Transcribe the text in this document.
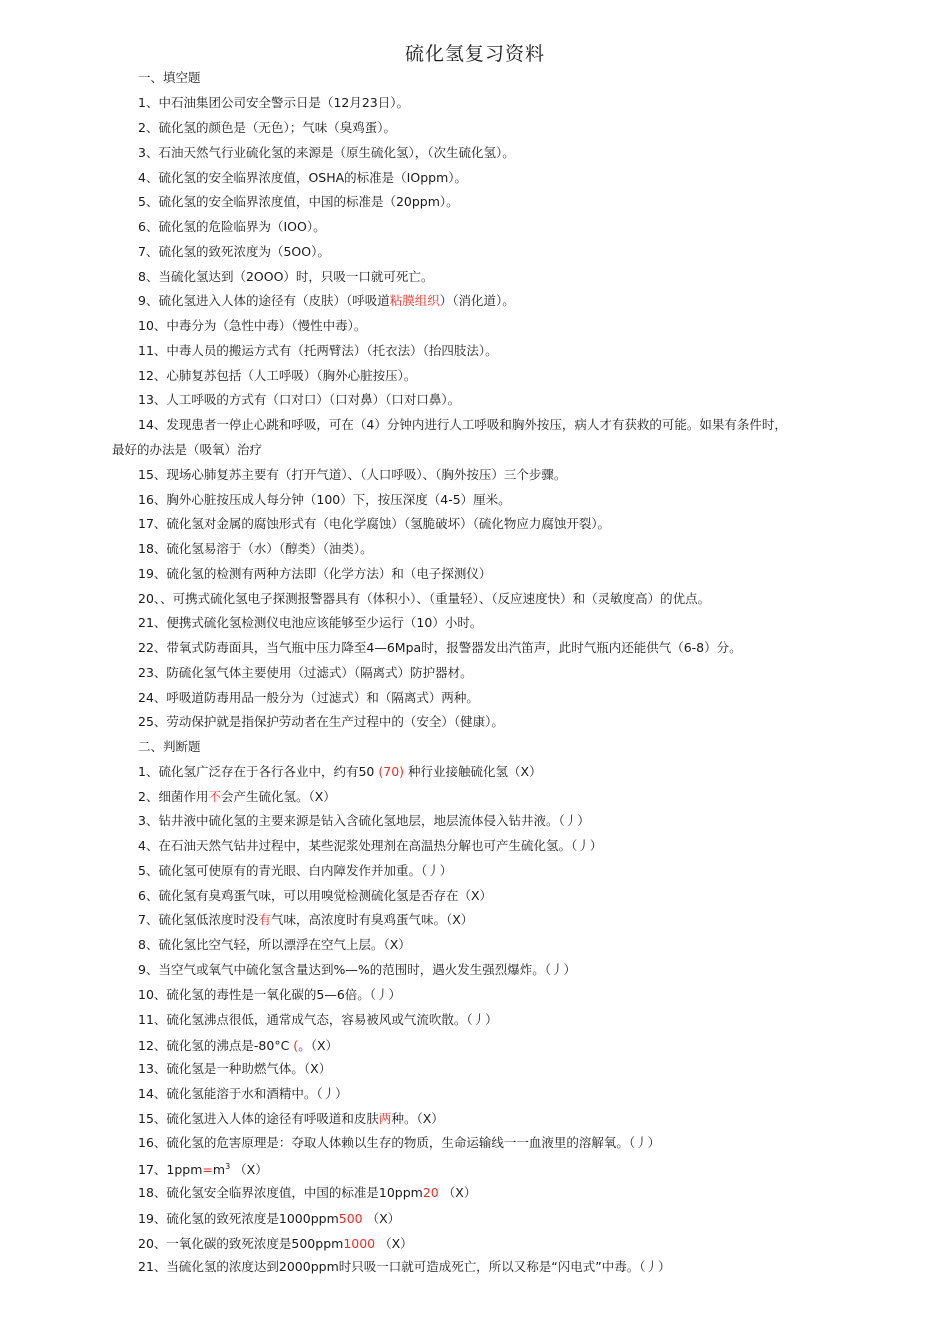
硫化氢复习资料
一、填空题
1、中石油集团公司安全警示日是（12月23日）。
2、硫化氢的颜色是（无色）；气味（臭鸡蛋）。
3、石油天然气行业硫化氢的来源是（原生硫化氢），（次生硫化氢）。
4、硫化氢的安全临界浓度值，OSHA的标准是（IOppm）。
5、硫化氢的安全临界浓度值，中国的标准是（20ppm）。
6、硫化氢的危险临界为（IOO）。
7、硫化氢的致死浓度为（5OO）。
8、当硫化氢达到（2OOO）时，只吸一口就可死亡。
9、硫化氢进入人体的途径有（皮肤）（呼吸道粘膜组织）（消化道）。
10、中毒分为（急性中毒）（慢性中毒）。
11、中毒人员的搬运方式有（托两臂法）（托衣法）（抬四肢法）。
12、心肺复苏包括（人工呼吸）（胸外心脏按压）。
13、人工呼吸的方式有（口对口）（口对鼻）（口对口鼻）。
14、发现患者一停止心跳和呼吸，可在（4）分钟内进行人工呼吸和胸外按压，病人才有获救的可能。如果有条件时，
最好的办法是（吸氧）治疗
15、现场心肺复苏主要有（打开气道）、（人口呼吸）、（胸外按压）三个步骤。
16、胸外心脏按压成人每分钟（100）下，按压深度（4-5）厘米。
17、硫化氢对金属的腐蚀形式有（电化学腐蚀）（氢脆破坏）（硫化物应力腐蚀开裂）。
18、硫化氢易溶于（水）（醇类）（油类）。
19、硫化氢的检测有两种方法即（化学方法）和（电子探测仪）
20、、可携式硫化氢电子探测报警器具有（体积小）、（重量轻）、（反应速度快）和（灵敏度高）的优点。
21、便携式硫化氢检测仪电池应该能够至少运行（10）小时。
22、带氧式防毒面具，当气瓶中压力降至4—6Mpa时，报警器发出汽笛声，此时气瓶内还能供气（6-8）分。
23、防硫化氢气体主要使用（过滤式）（隔离式）防护器材。
24、呼吸道防毒用品一般分为（过滤式）和（隔离式）两种。
25、劳动保护就是指保护劳动者在生产过程中的（安全）（健康）。
二、判断题
1、硫化氢广泛存在于各行各业中，约有50 (70) 种行业接触硫化氢（X）
2、细菌作用不会产生硫化氢。（X）
3、钻井液中硫化氢的主要来源是钻入含硫化氢地层，地层流体侵入钻井液。（丿）
4、在石油天然气钻井过程中，某些泥浆处理剂在高温热分解也可产生硫化氢。（丿）
5、硫化氢可使原有的青光眼、白内障发作并加重。（丿）
6、硫化氢有臭鸡蛋气味，可以用嗅觉检测硫化氢是否存在（X）
7、硫化氢低浓度时没有气味，高浓度时有臭鸡蛋气味。（X）
8、硫化氢比空气轻，所以漂浮在空气上层。（X）
9、当空气或氧气中硫化氢含量达到%—%的范围时，遇火发生强烈爆炸。（丿）
10、硫化氢的毒性是一氧化碳的5—6倍。（丿）
11、硫化氢沸点很低，通常成气态，容易被风或气流吹散。（丿）
12、硫化氢的沸点是-80°C (。（X）
13、硫化氢是一种助燃气体。（X）
14、硫化氢能溶于水和酒精中。（丿）
15、硫化氢进入人体的途径有呼吸道和皮肤两种。（X）
16、硫化氢的危害原理是：夺取人体赖以生存的物质，生命运输线一一血液里的溶解氧。（丿）
17、$1ppm=m^3$ （X）
18、硫化氢安全临界浓度值，中国的标准是10ppm20 （X）
19、硫化氢的致死浓度是1000ppm500 （X）
20、一氧化碳的致死浓度是500ppm1000 （X）
21、当硫化氢的浓度达到2000ppm时只吸一口就可造成死亡，所以又称是“闪电式”中毒。（丿）
